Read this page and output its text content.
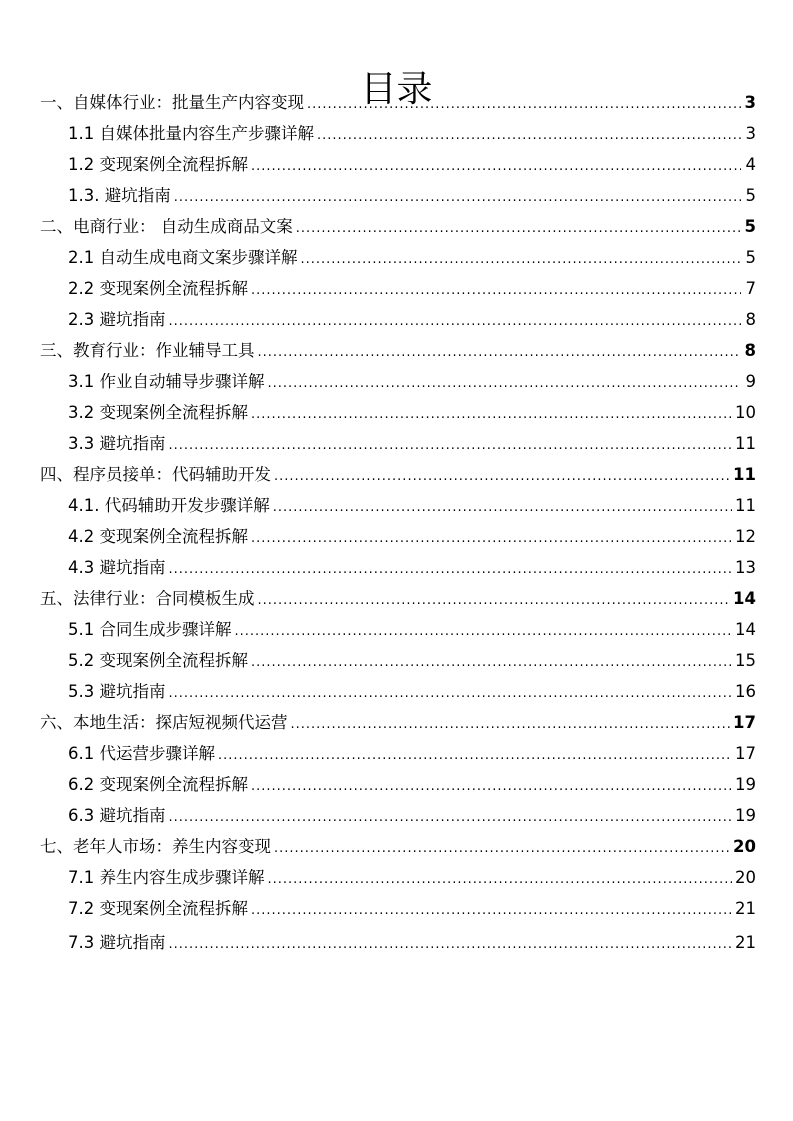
目录
一、自媒体行业：批量生产内容变现 .....	3
1.1 自媒体批量内容生产步骤详解 .....	3
1.2 变现案例全流程拆解 .....	4
1.3. 避坑指南 .....	5
二、电商行业： 自动生成商品文案 .....	5
2.1 自动生成电商文案步骤详解 .....	5
2.2 变现案例全流程拆解 .....	7
2.3 避坑指南 .....	8
三、教育行业：作业辅导工具 .....	8
3.1 作业自动辅导步骤详解 .....	9
3.2 变现案例全流程拆解 .....	10
3.3 避坑指南 .....	11
四、程序员接单：代码辅助开发 .....	11
4.1. 代码辅助开发步骤详解 .....	11
4.2 变现案例全流程拆解 .....	12
4.3 避坑指南 .....	13
五、法律行业：合同模板生成 .....	14
5.1 合同生成步骤详解 .....	14
5.2 变现案例全流程拆解 .....	15
5.3 避坑指南 .....	16
六、本地生活：探店短视频代运营 .....	17
6.1 代运营步骤详解 .....	17
6.2 变现案例全流程拆解 .....	19
6.3 避坑指南 .....	19
七、老年人市场：养生内容变现 .....	20
7.1 养生内容生成步骤详解 .....	20
7.2 变现案例全流程拆解 .....	21
7.3 避坑指南 .....	21
